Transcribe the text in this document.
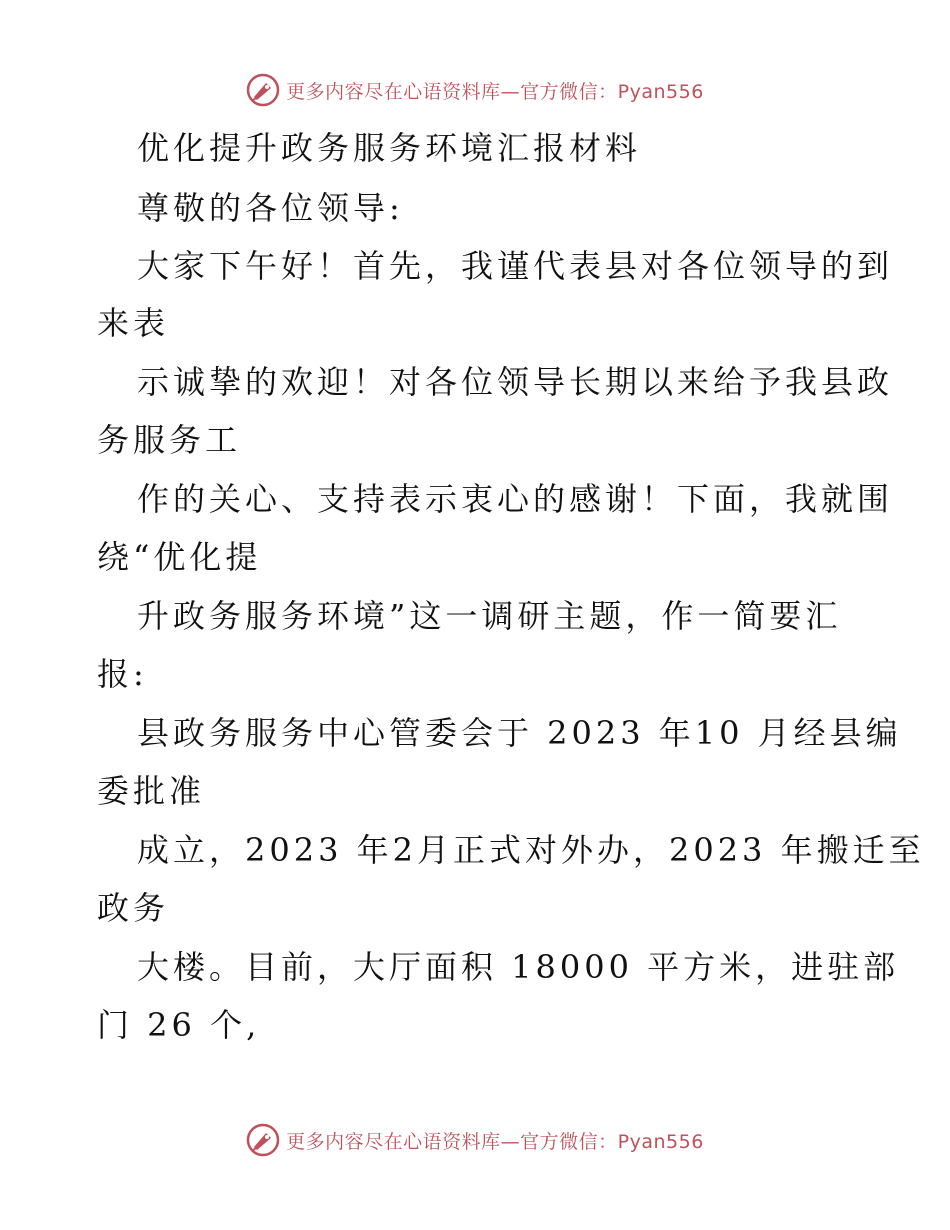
更多内容尽在心语资料库—官方微信：Pyan556
优化提升政务服务环境汇报材料
尊敬的各位领导:
大家下午好！首先，我谨代表县对各位领导的到
来表
示诚挚的欢迎！对各位领导长期以来给予我县政
务服务工
作的关心、支持表示衷心的感谢！下面，我就围
绕“优化提
升政务服务环境”这一调研主题，作一简要汇
报:
县政务服务中心管委会于 2023 年10 月经县编
委批准
成立，2023 年2月正式对外办，2023 年搬迁至
政务
大楼。目前，大厅面积 18000 平方米，进驻部
门 26 个,
更多内容尽在心语资料库—官方微信：Pyan556
